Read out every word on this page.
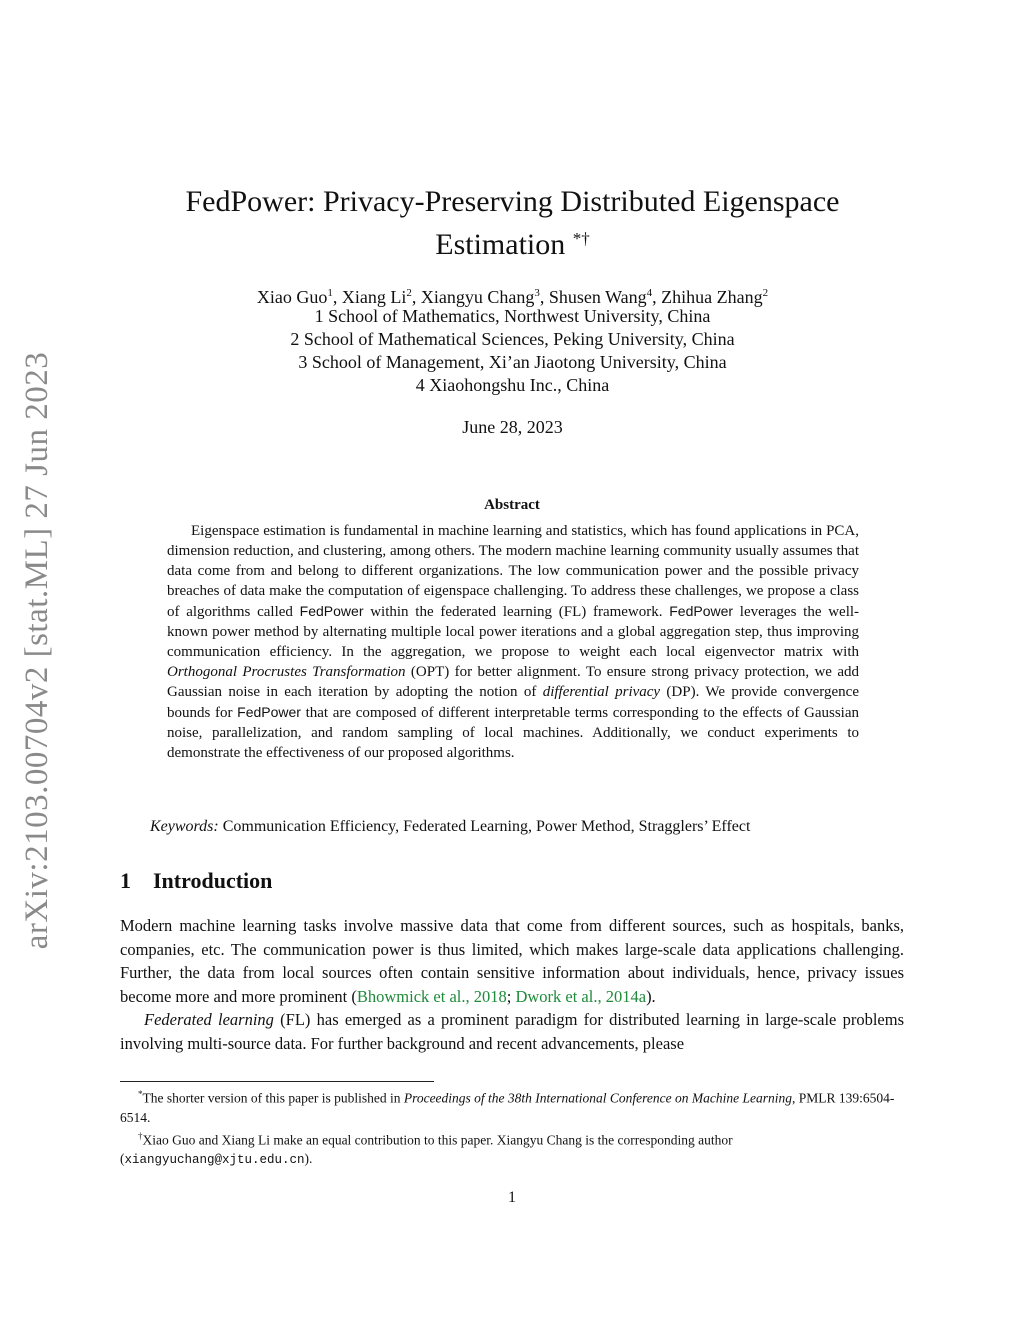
arXiv:2103.00704v2 [stat.ML] 27 Jun 2023
FedPower: Privacy-Preserving Distributed Eigenspace
Estimation *†
Xiao Guo$^1$, Xiang Li$^2$, Xiangyu Chang$^3$, Shusen Wang$^4$, Zhihua Zhang$^2$
1 School of Mathematics, Northwest University, China
2 School of Mathematical Sciences, Peking University, China
3 School of Management, Xi’an Jiaotong University, China
4 Xiaohongshu Inc., China
June 28, 2023
Abstract

Eigenspace estimation is fundamental in machine learning and statistics, which has found applications in PCA, dimension reduction, and clustering, among others. The modern machine learning community usually assumes that data come from and belong to different organizations. The low communication power and the possible privacy breaches of data make the computation of eigenspace challenging. To address these challenges, we propose a class of algorithms called FedPower within the federated learning (FL) framework. FedPower leverages the well-known power method by alternating multiple local power iterations and a global aggregation step, thus improving communication efficiency. In the aggregation, we propose to weight each local eigenvector matrix with Orthogonal Procrustes Transformation (OPT) for better alignment. To ensure strong privacy protection, we add Gaussian noise in each iteration by adopting the notion of differential privacy (DP). We provide convergence bounds for FedPower that are composed of different interpretable terms corresponding to the effects of Gaussian noise, parallelization, and random sampling of local machines. Additionally, we conduct experiments to demonstrate the effectiveness of our proposed algorithms.

Keywords: Communication Efficiency, Federated Learning, Power Method, Stragglers’ Effect
1 Introduction

Modern machine learning tasks involve massive data that come from different sources, such as hospitals, banks, companies, etc. The communication power is thus limited, which makes large-scale data applications challenging. Further, the data from local sources often contain sensitive information about individuals, hence, privacy issues become more and more prominent (Bhowmick et al., 2018; Dwork et al., 2014a).

Federated learning (FL) has emerged as a prominent paradigm for distributed learning in large-scale problems involving multi-source data. For further background and recent advancements, please

*The shorter version of this paper is published in Proceedings of the 38th International Conference on Machine Learning, PMLR 139:6504-6514.

†Xiao Guo and Xiang Li make an equal contribution to this paper. Xiangyu Chang is the corresponding author (xiangyuchang@xjtu.edu.cn).

1
